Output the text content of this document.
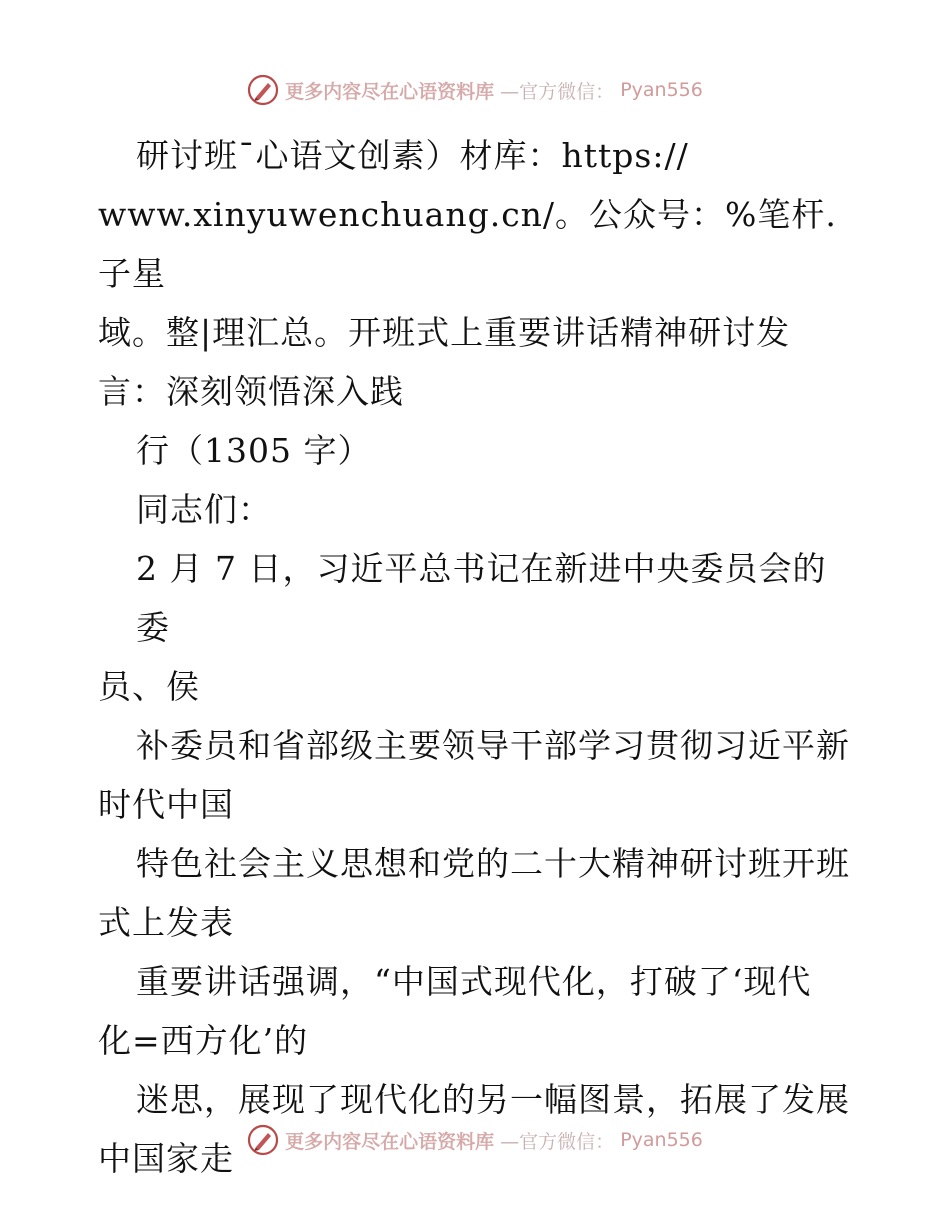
更多内容尽在心语资料库 —官方微信： Pyan556

研讨班¯心语文创素）材库：https://

www.xinyuwenchuang.cn/。公众号：%笔杆.子星

域。整|理汇总。开班式上重要讲话精神研讨发

言：深刻领悟深入践

行（1305 字）

同志们：

2 月 7 日，习近平总书记在新进中央委员会的委

员、侯

补委员和省部级主要领导干部学习贯彻习近平新

时代中国

特色社会主义思想和党的二十大精神研讨班开班

式上发表

重要讲话强调，“中国式现代化，打破了‘现代

化=西方化’的

迷思，展现了现代化的另一幅图景，拓展了发展

中国家走	更多内容尽在心语资料库 —官方微信： Pyan556
